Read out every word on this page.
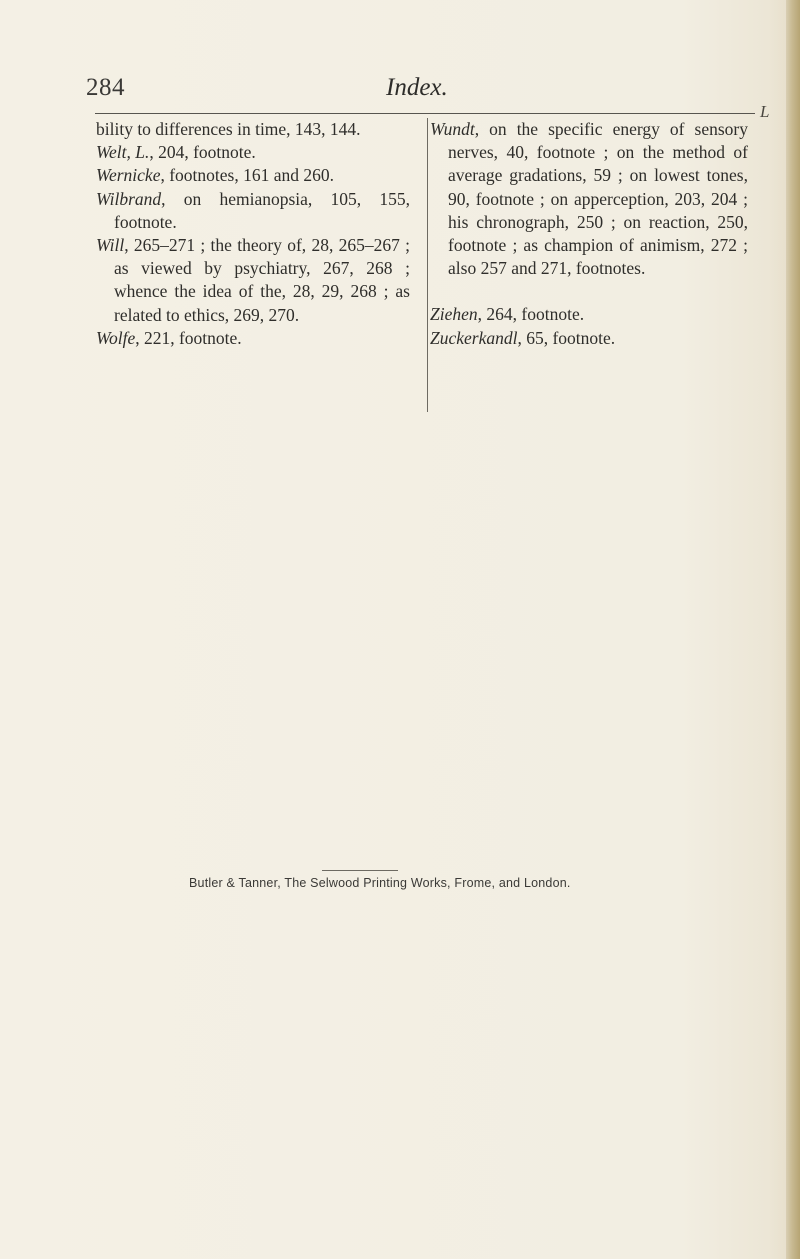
284	Index.
L

bility to differences in time, 143, 144.

Welt, L., 204, footnote.

Wernicke, footnotes, 161 and 260.

Wilbrand, on hemianopsia, 105, 155, footnote.

Will, 265–271 ; the theory of, 28, 265–267 ; as viewed by psychiatry, 267, 268 ; whence the idea of the, 28, 29, 268 ; as related to ethics, 269, 270.

Wolfe, 221, footnote.

Wundt, on the specific energy of sensory nerves, 40, footnote ; on the method of average gradations, 59 ; on lowest tones, 90, footnote ; on apperception, 203, 204 ; his chronograph, 250 ; on reaction, 250, footnote ; as champion of animism, 272 ; also 257 and 271, footnotes.

Ziehen, 264, footnote.

Zuckerkandl, 65, footnote.

Butler & Tanner, The Selwood Printing Works, Frome, and London.
